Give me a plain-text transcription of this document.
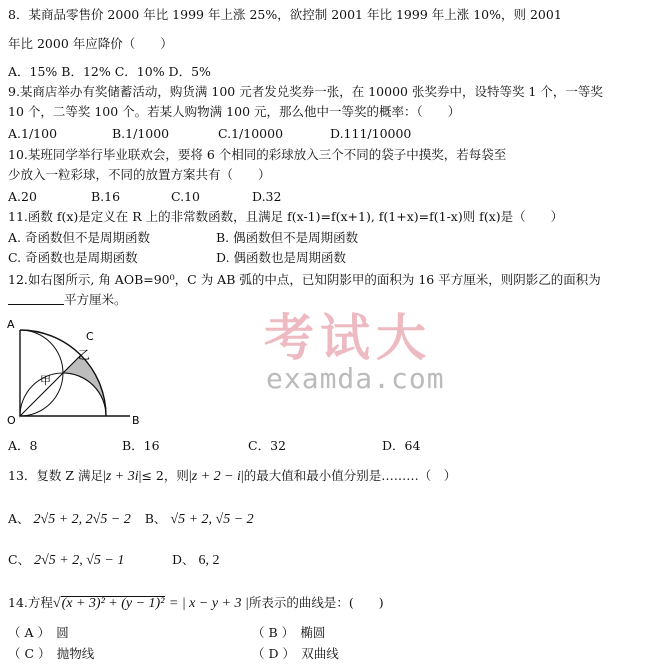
考试大
examda.com
8．某商品零售价 2000 年比 1999 年上涨 25%，欲控制 2001 年比 1999 年上涨 10%，则 2001
年比 2000 年应降价（　　）
A．15% B．12% C．10% D．5%
9.某商店举办有奖储蓄活动，购货满 100 元者发兑奖券一张，在 10000 张奖券中，设特等奖 1 个，一等奖
10 个，二等奖 100 个。若某人购物满 100 元，那么他中一等奖的概率：（　　）
A.1/100	B.1/1000	C.1/10000	D.111/10000
10.某班同学举行毕业联欢会，要将 6 个相同的彩球放入三个不同的袋子中摸奖，若每袋至
少放入一粒彩球，不同的放置方案共有（　　）
A.20	B.16	C.10	D.32
11.函数 f(x)是定义在 R 上的非常数函数，且满足 f(x-1)=f(x+1), f(1+x)=f(1-x)则 f(x)是（　　）
A. 奇函数但不是周期函数	B. 偶函数但不是周期函数
C. 奇函数也是周期函数	D. 偶函数也是周期函数
12.如右图所示, 角 AOB=90⁰，C 为 AB 弧的中点，已知阴影甲的面积为 16 平方厘米，则阴影乙的面积为
平方厘米。
A
C
O	B
甲
乙
A．8	B．16	C．32	D．64
13．复数 Z 满足|z + 3i|≤ 2，则|z + 2 − i|的最大值和最小值分别是………（　）
A、 2√5 + 2, 2√5 − 2 B、 √5 + 2, √5 − 2
C、 2√5 + 2, √5 − 1	D、 6, 2
14.方程√(x + 3)² + (y − 1)² = | x − y + 3 |所表示的曲线是：(　　)
（ A ）　圆	（ B ）　椭圆
（ C ）　抛物线	（ D ）　双曲线
